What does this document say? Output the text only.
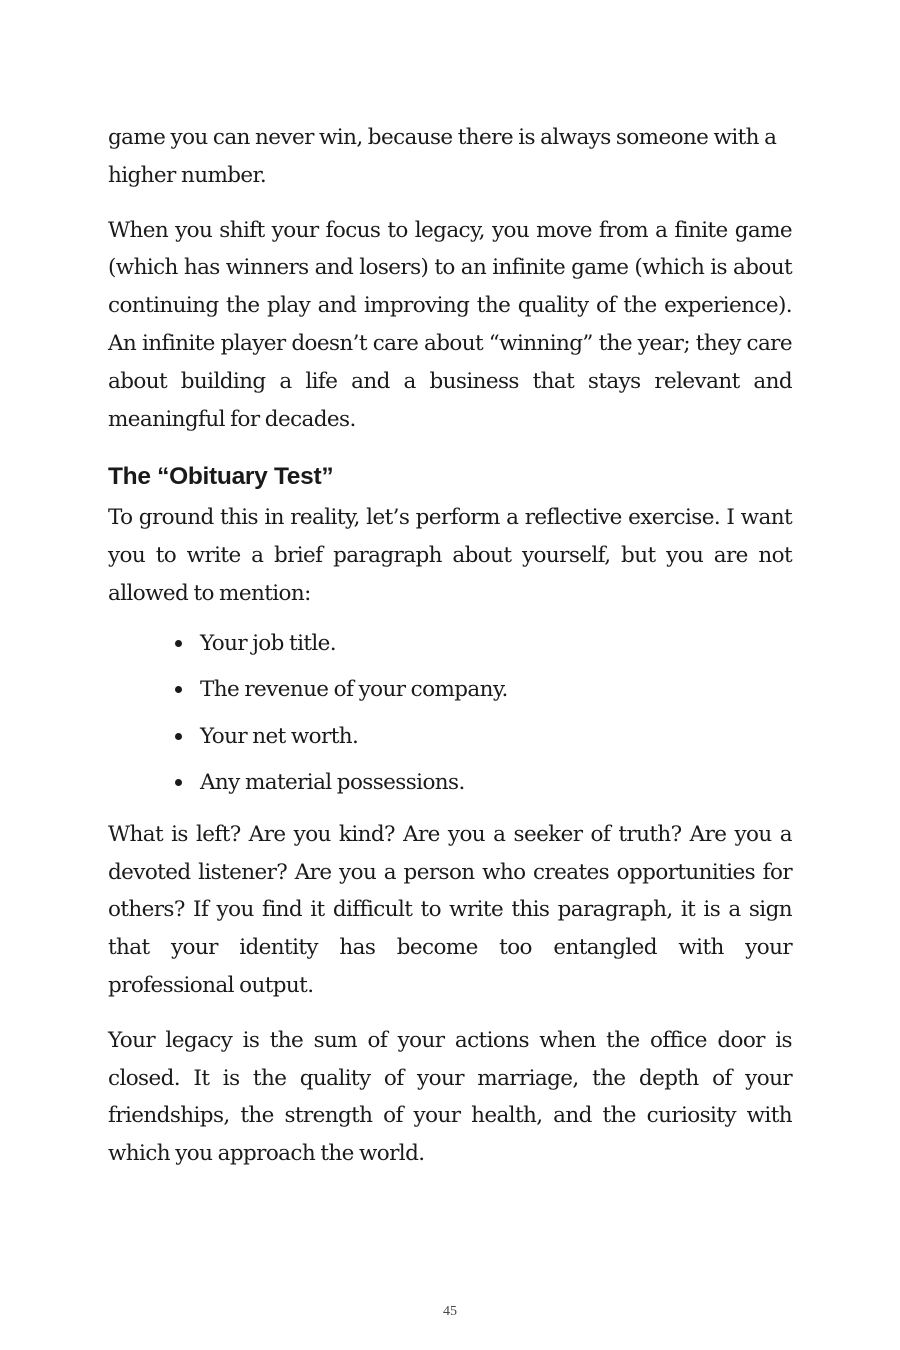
game you can never win, because there is always someone with a higher number.

When you shift your focus to legacy, you move from a finite game (which has winners and losers) to an infinite game (which is about continuing the play and improving the quality of the experience). An infinite player doesn’t care about “winning” the year; they care about building a life and a business that stays relevant and meaningful for decades.

The “Obituary Test”

To ground this in reality, let’s perform a reflective exercise. I want you to write a brief paragraph about yourself, but you are not allowed to mention:

Your job title.
The revenue of your company.
Your net worth.
Any material possessions.

What is left? Are you kind? Are you a seeker of truth? Are you a devoted listener? Are you a person who creates opportunities for others? If you find it difficult to write this paragraph, it is a sign that your identity has become too entangled with your professional output.

Your legacy is the sum of your actions when the office door is closed. It is the quality of your marriage, the depth of your friendships, the strength of your health, and the curiosity with which you approach the world.

45
